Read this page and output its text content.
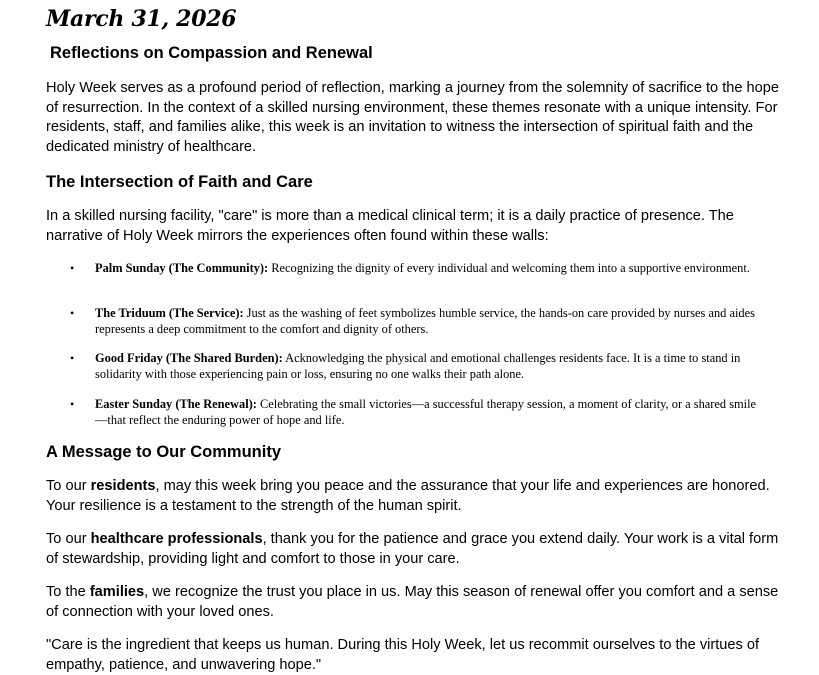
March 31, 2026
Reflections on Compassion and Renewal

Holy Week serves as a profound period of reflection, marking a journey from the solemnity of sacrifice to the hope of resurrection. In the context of a skilled nursing environment, these themes resonate with a unique intensity. For residents, staff, and families alike, this week is an invitation to witness the intersection of spiritual faith and the dedicated ministry of healthcare.

The Intersection of Faith and Care

In a skilled nursing facility, "care" is more than a medical clinical term; it is a daily practice of presence. The narrative of Holy Week mirrors the experiences often found within these walls:

• Palm Sunday (The Community): Recognizing the dignity of every individual and welcoming them into a supportive environment.
• The Triduum (The Service): Just as the washing of feet symbolizes humble service, the hands-on care provided by nurses and aides represents a deep commitment to the comfort and dignity of others.
• Good Friday (The Shared Burden): Acknowledging the physical and emotional challenges residents face. It is a time to stand in solidarity with those experiencing pain or loss, ensuring no one walks their path alone.
• Easter Sunday (The Renewal): Celebrating the small victories—a successful therapy session, a moment of clarity, or a shared smile—that reflect the enduring power of hope and life.
A Message to Our Community

To our residents, may this week bring you peace and the assurance that your life and experiences are honored. Your resilience is a testament to the strength of the human spirit.

To our healthcare professionals, thank you for the patience and grace you extend daily. Your work is a vital form of stewardship, providing light and comfort to those in your care.

To the families, we recognize the trust you place in us. May this season of renewal offer you comfort and a sense of connection with your loved ones.

"Care is the ingredient that keeps us human. During this Holy Week, let us recommit ourselves to the virtues of empathy, patience, and unwavering hope."
